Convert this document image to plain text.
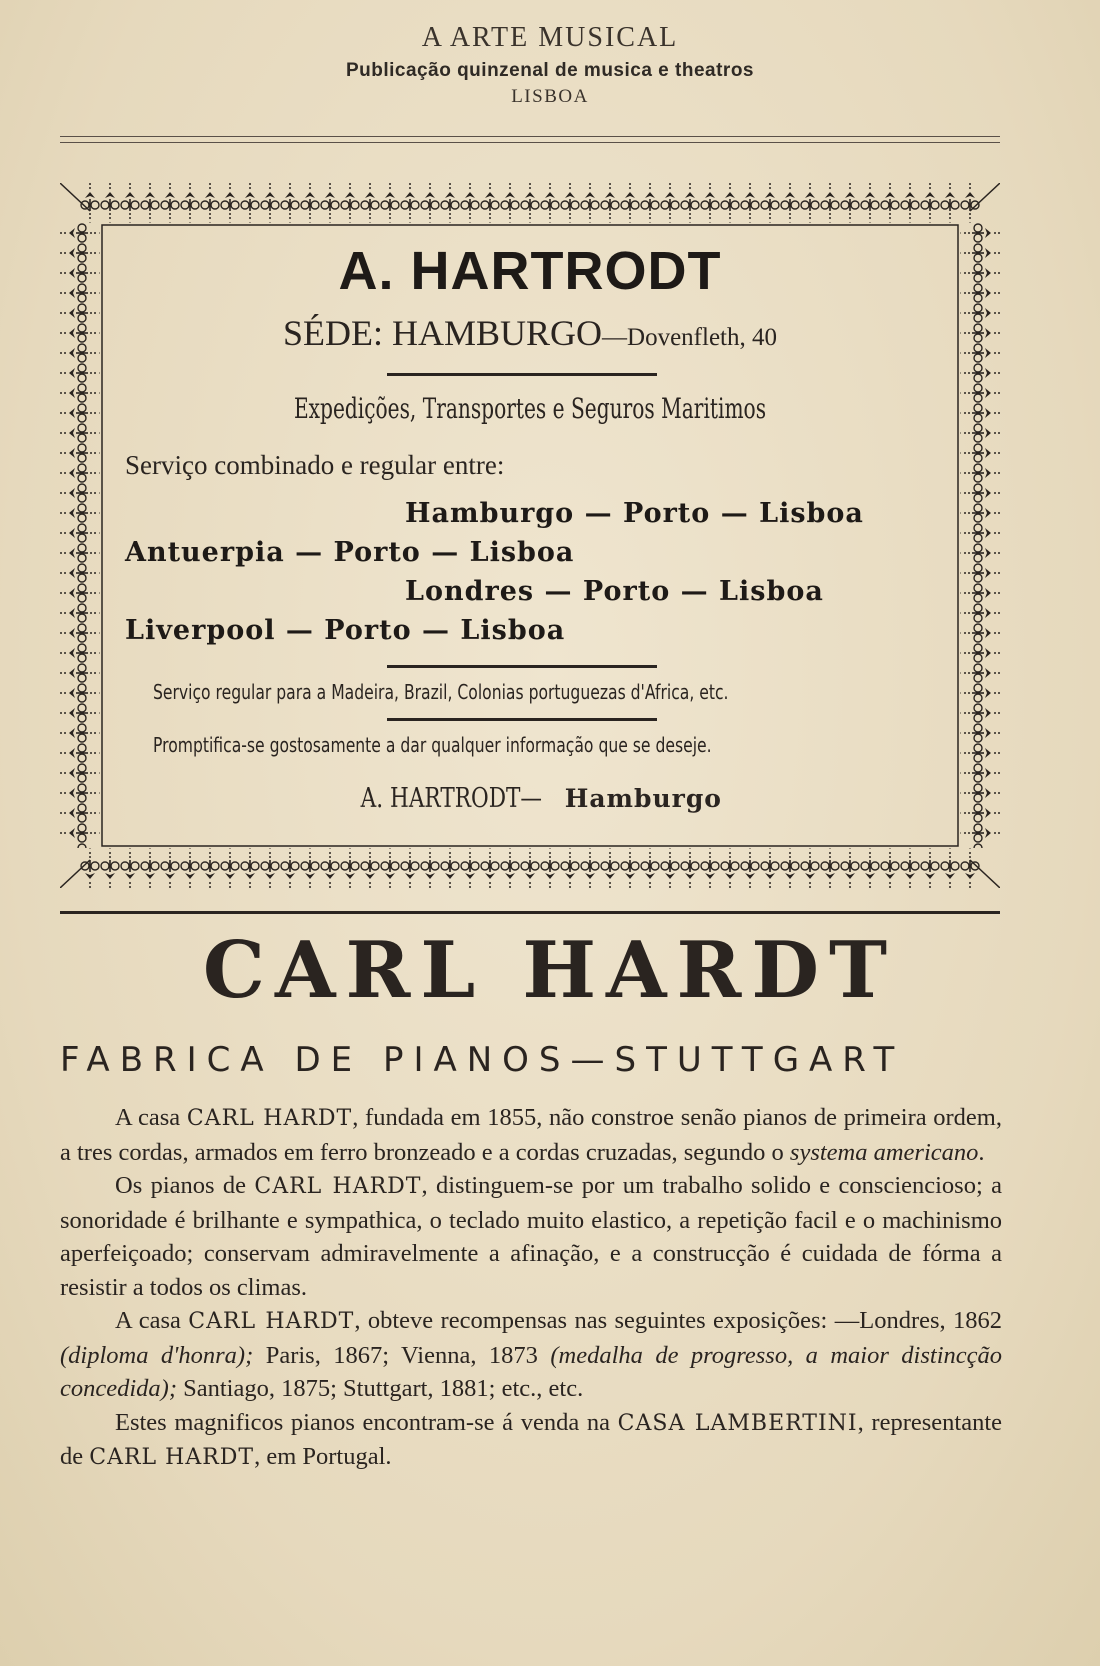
A ARTE MUSICAL
Publicação quinzenal de musica e theatros
LISBOA
A. HARTRODT
SÉDE: HAMBURGO—Dovenfleth, 40
Expedições, Transportes e Seguros Maritimos
Serviço combinado e regular entre:
Hamburgo — Porto — Lisboa
Antuerpia — Porto — Lisboa
Londres — Porto — Lisboa
Liverpool — Porto — Lisboa
Serviço regular para a Madeira, Brazil, Colonias portuguezas d'Africa, etc.
Promptifica-se gostosamente a dar qualquer informação que se deseje.
A. HARTRODT— Hamburgo
CARL HARDT
FABRICA DE PIANOS—STUTTGART

A casa CARL HARDT, fundada em 1855, não constroe senão pianos de primeira ordem, a tres cordas, armados em ferro bronzeado e a cordas cruzadas, segundo o systema americano.

Os pianos de CARL HARDT, distinguem-se por um trabalho solido e consciencioso; a sonoridade é brilhante e sympathica, o teclado muito elastico, a repetição facil e o machinismo aperfeiçoado; conservam admiravelmente a afinação, e a construcção é cuidada de fórma a resistir a todos os climas.

A casa CARL HARDT, obteve recompensas nas seguintes exposições: —Londres, 1862 (diploma d'honra); Paris, 1867; Vienna, 1873 (medalha de progresso, a maior distincção concedida); Santiago, 1875; Stuttgart, 1881; etc., etc.

Estes magnificos pianos encontram-se á venda na CASA LAMBERTINI, representante de CARL HARDT, em Portugal.
